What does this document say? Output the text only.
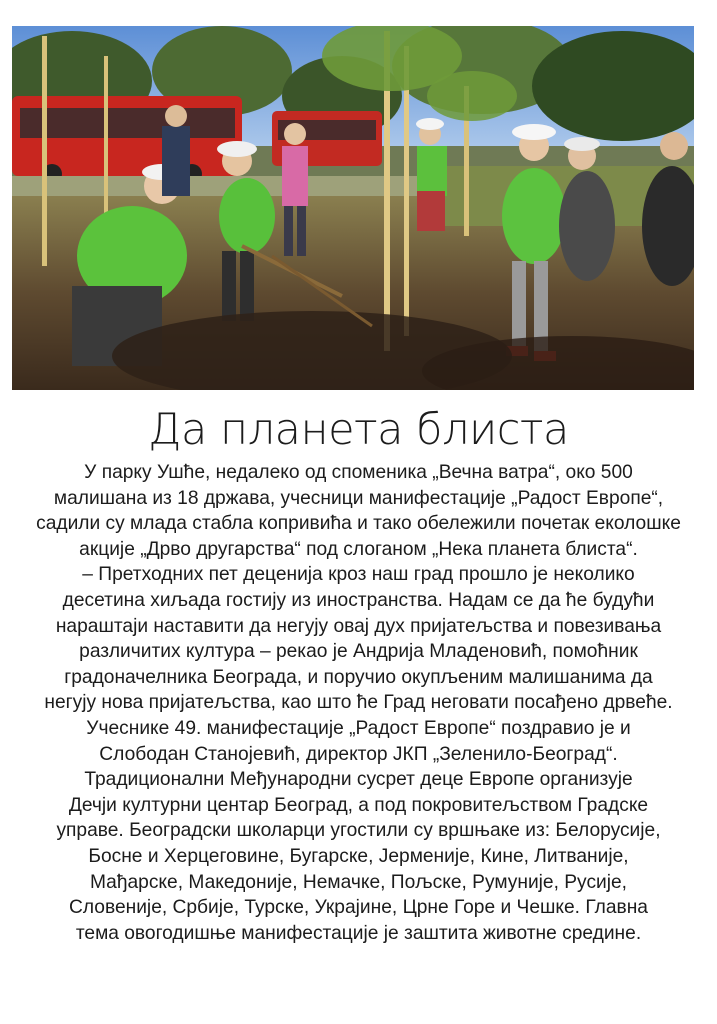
Да планета блиста
У парку Ушће, недалеко од споменика „Вечна ватра“, око 500
малишана из 18 држава, учесници манифестације „Радост Европе“,
садили су млада стабла копривића и тако обележили почетак еколошке
акције „Дрво другарства“ под слоганом „Нека планета блиста“.
– Претходних пет деценија кроз наш град прошло је неколико
десетина хиљада гостију из иностранства. Надам се да ће будући
нараштаји наставити да негују овај дух пријатељства и повезивања
различитих култура – рекао је Андрија Младеновић, помоћник
градоначелника Београда, и поручио окупљеним малишанима да
негују нова пријатељства, као што ће Град неговати посађено дрвеће.
Учеснике 49. манифестације „Радост Европе“ поздравио је и
Слободан Станојевић, директор ЈКП „Зеленило-Београд“.
Традиционални Међународни сусрет деце Европе организује
Дечји културни центар Београд, а под покровитељством Градске
управе. Београдски школарци угостили су вршњаке из: Белорусије,
Босне и Херцеговине, Бугарске, Јерменије, Кине, Литваније,
Мађарске, Македоније, Немачке, Пољске, Румуније, Русије,
Словеније, Србије, Турске, Украјине, Црне Горе и Чешке. Главна
тема овогодишње манифестације је заштита животне средине.
